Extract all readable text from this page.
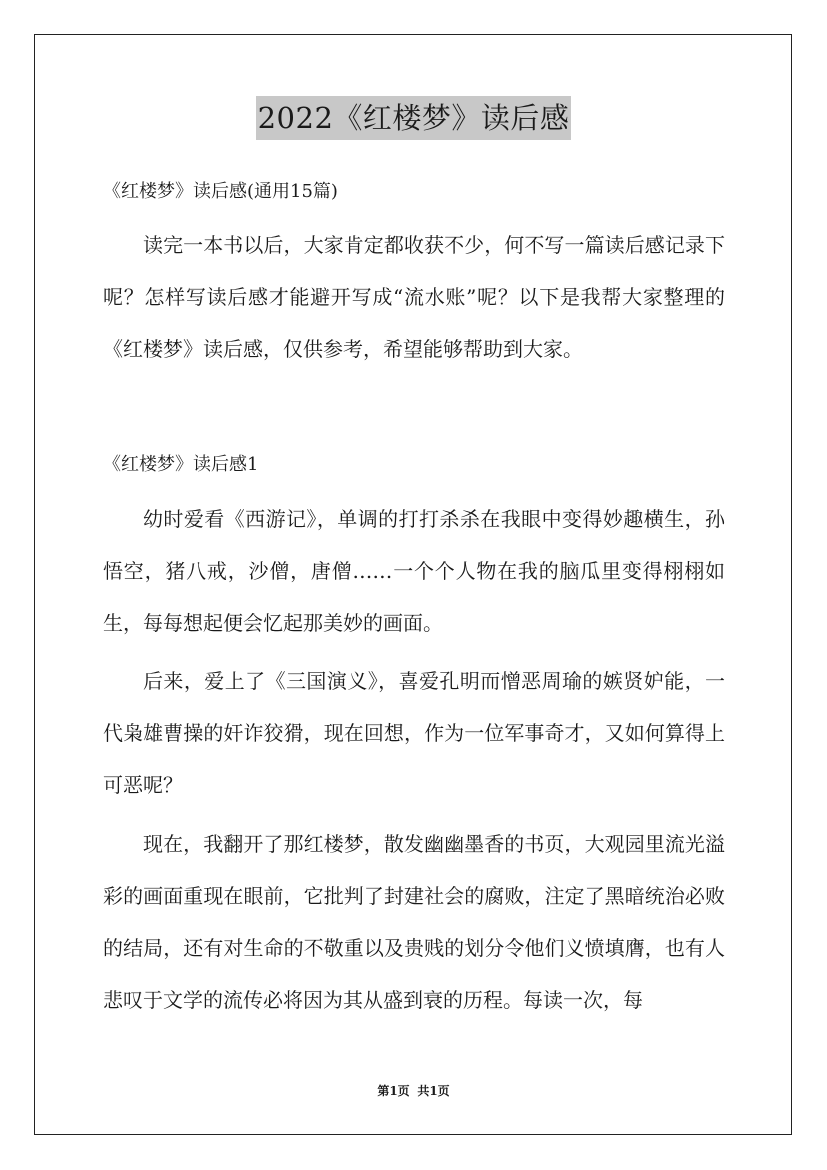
2022《红楼梦》读后感
《红楼梦》读后感(通用15篇)

读完一本书以后，大家肯定都收获不少，何不写一篇读后感记录下呢？怎样写读后感才能避开写成“流水账”呢？以下是我帮大家整理的《红楼梦》读后感，仅供参考，希望能够帮助到大家。

《红楼梦》读后感1

幼时爱看《西游记》，单调的打打杀杀在我眼中变得妙趣横生，孙悟空，猪八戒，沙僧，唐僧……一个个人物在我的脑瓜里变得栩栩如生，每每想起便会忆起那美妙的画面。

后来，爱上了《三国演义》，喜爱孔明而憎恶周瑜的嫉贤妒能，一代枭雄曹操的奸诈狡猾，现在回想，作为一位军事奇才，又如何算得上可恶呢？

现在，我翻开了那红楼梦，散发幽幽墨香的书页，大观园里流光溢彩的画面重现在眼前，它批判了封建社会的腐败，注定了黑暗统治必败的结局，还有对生命的不敬重以及贵贱的划分令他们义愤填膺，也有人悲叹于文学的流传必将因为其从盛到衰的历程。每读一次，每

第1页 共1页
